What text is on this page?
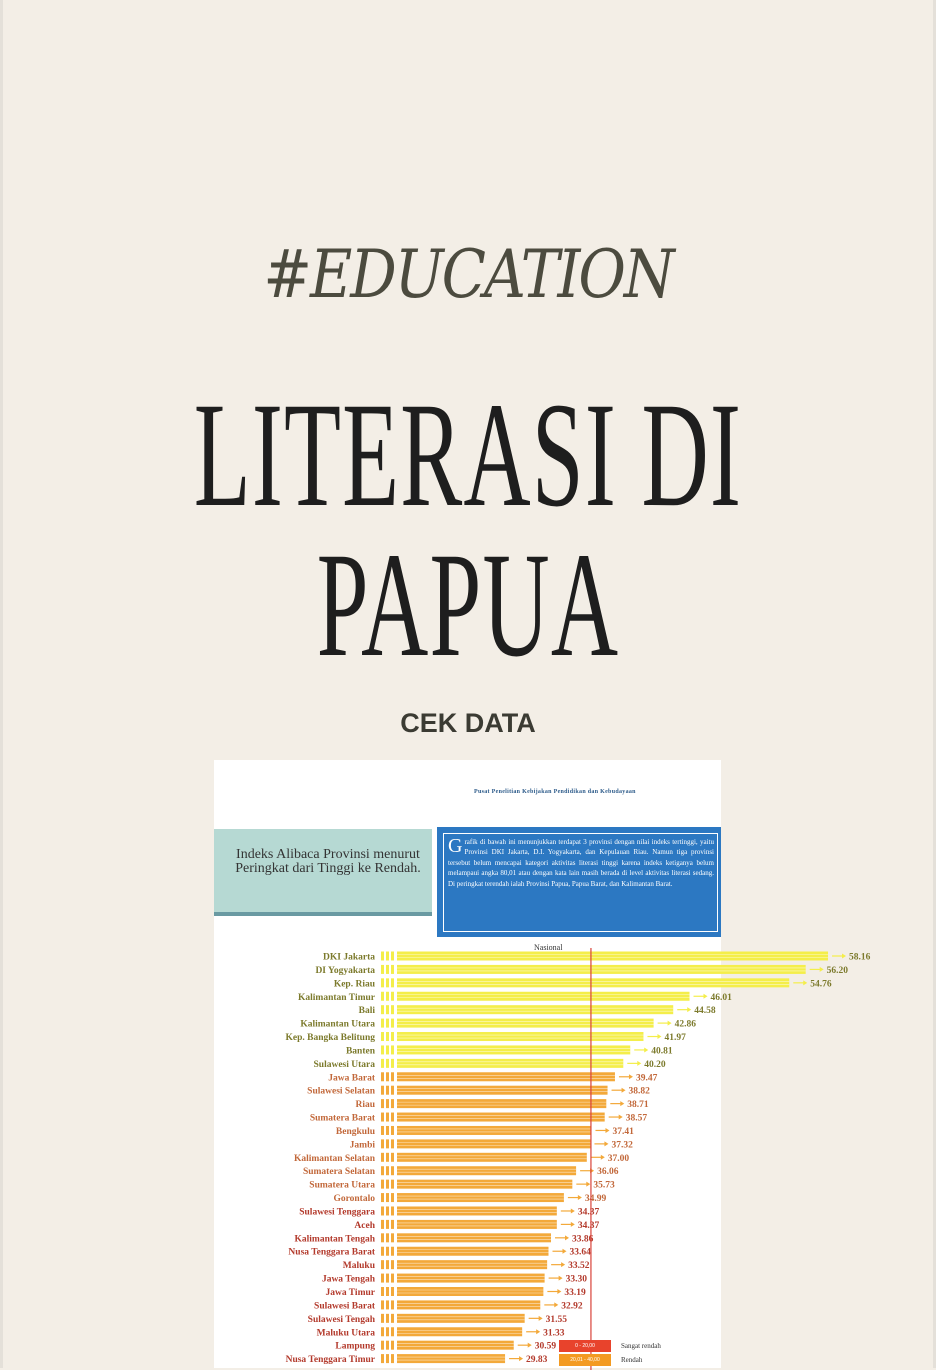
#EDUCATION
LITERASI DI
PAPUA
CEK DATA
Pusat Penelitian Kebijakan Pendidikan dan Kebudayaan
Indeks Alibaca Provinsi menurut Peringkat dari Tinggi ke Rendah.
Grafik di bawah ini menunjukkan terdapat 3 provinsi dengan nilai indeks tertinggi, yaitu Provinsi DKI Jakarta, D.I. Yogyakarta, dan Kepulauan Riau. Namun tiga provinsi tersebut belum mencapai kategori aktivitas literasi tinggi karena indeks ketiganya belum melampaui angka 80,01 atau dengan kata lain masih berada di level aktivitas literasi sedang. Di peringkat terendah ialah Provinsi Papua, Papua Barat, dan Kalimantan Barat.
Nasional
DKI Jakarta	58.16
DI Yogyakarta	56.20
Kep. Riau	54.76
Kalimantan Timur	46.01
Bali	44.58
Kalimantan Utara	42.86
Kep. Bangka Belitung	41.97
Banten	40.81
Sulawesi Utara	40.20
Jawa Barat	39.47
Sulawesi Selatan	38.82
Riau	38.71
Sumatera Barat	38.57
Bengkulu	37.41
Jambi	37.32
Kalimantan Selatan	37.00
Sumatera Selatan	36.06
Sumatera Utara	35.73
Gorontalo	34.99
Sulawesi Tenggara	34.37
Aceh	34.37
Kalimantan Tengah	33.86
Nusa Tenggara Barat	33.64
Maluku	33.52
Jawa Tengah	33.30
Jawa Timur	33.19
Sulawesi Barat	32.92
Sulawesi Tengah	31.55
Maluku Utara	31.33
Lampung	30.59
Nusa Tenggara Timur	29.83
0 - 20,00	Sangat rendah
20,01 - 40,00	Rendah
